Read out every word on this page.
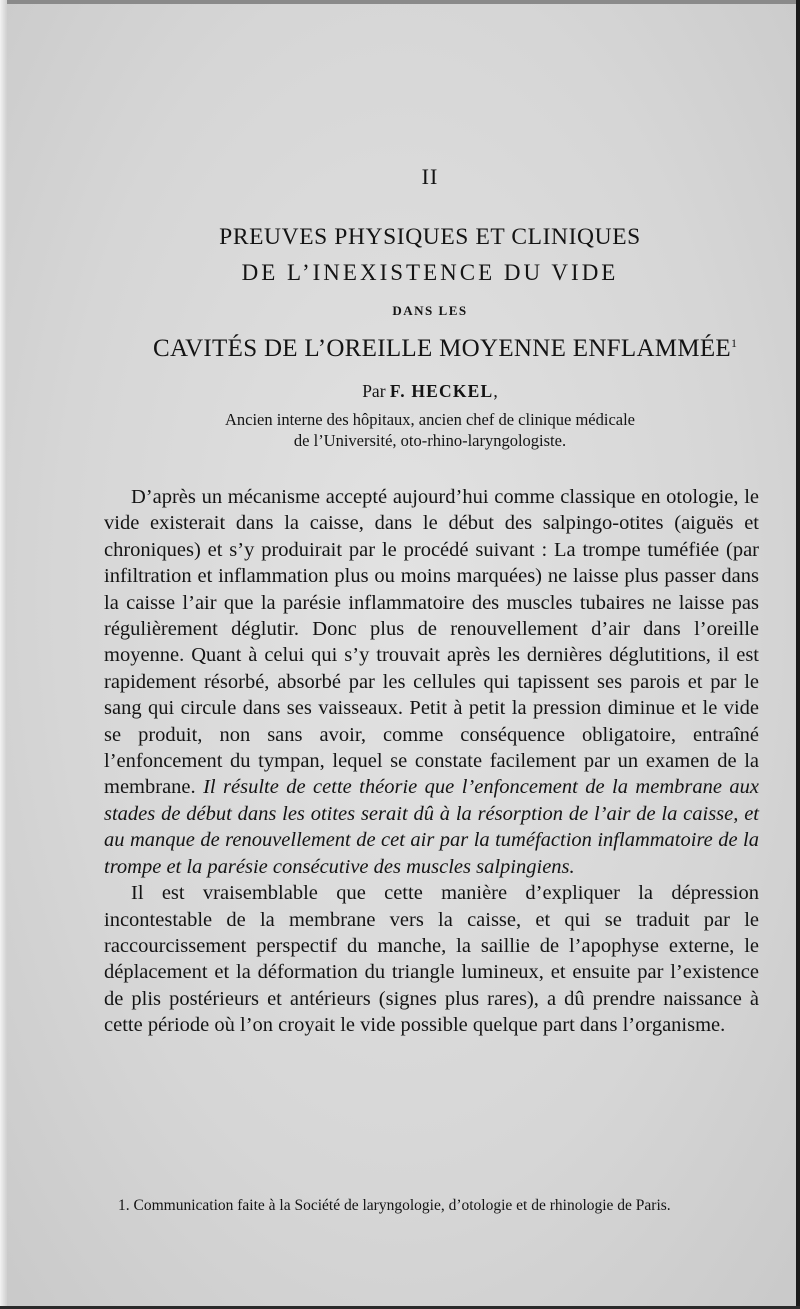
II
PREUVES PHYSIQUES ET CLINIQUES
DE L’INEXISTENCE DU VIDE
DANS LES
CAVITÉS DE L’OREILLE MOYENNE ENFLAMMÉE$^1$
Par F. HECKEL,
Ancien interne des hôpitaux, ancien chef de clinique médicale
de l’Université, oto-rhino-laryngologiste.

D’après un mécanisme accepté aujourd’hui comme classique en otologie, le vide existerait dans la caisse, dans le début des salpingo-otites (aiguës et chroniques) et s’y produirait par le procédé suivant : La trompe tuméfiée (par infiltration et inflammation plus ou moins marquées) ne laisse plus passer dans la caisse l’air que la parésie inflammatoire des muscles tubaires ne laisse pas régulièrement déglutir. Donc plus de renouvellement d’air dans l’oreille moyenne. Quant à celui qui s’y trouvait après les dernières déglutitions, il est rapidement résorbé, absorbé par les cellules qui tapissent ses parois et par le sang qui circule dans ses vaisseaux. Petit à petit la pression diminue et le vide se produit, non sans avoir, comme conséquence obligatoire, entraîné l’enfoncement du tympan, lequel se constate facilement par un examen de la membrane. Il résulte de cette théorie que l’enfoncement de la membrane aux stades de début dans les otites serait dû à la résorption de l’air de la caisse, et au manque de renouvellement de cet air par la tuméfaction inflammatoire de la trompe et la parésie consécutive des muscles salpingiens.

Il est vraisemblable que cette manière d’expliquer la dépression incontestable de la membrane vers la caisse, et qui se traduit par le raccourcissement perspectif du manche, la saillie de l’apophyse externe, le déplacement et la déformation du triangle lumineux, et ensuite par l’existence de plis postérieurs et antérieurs (signes plus rares), a dû prendre naissance à cette période où l’on croyait le vide possible quelque part dans l’organisme.

1. Communication faite à la Société de laryngologie, d’otologie et de rhinologie de Paris.
